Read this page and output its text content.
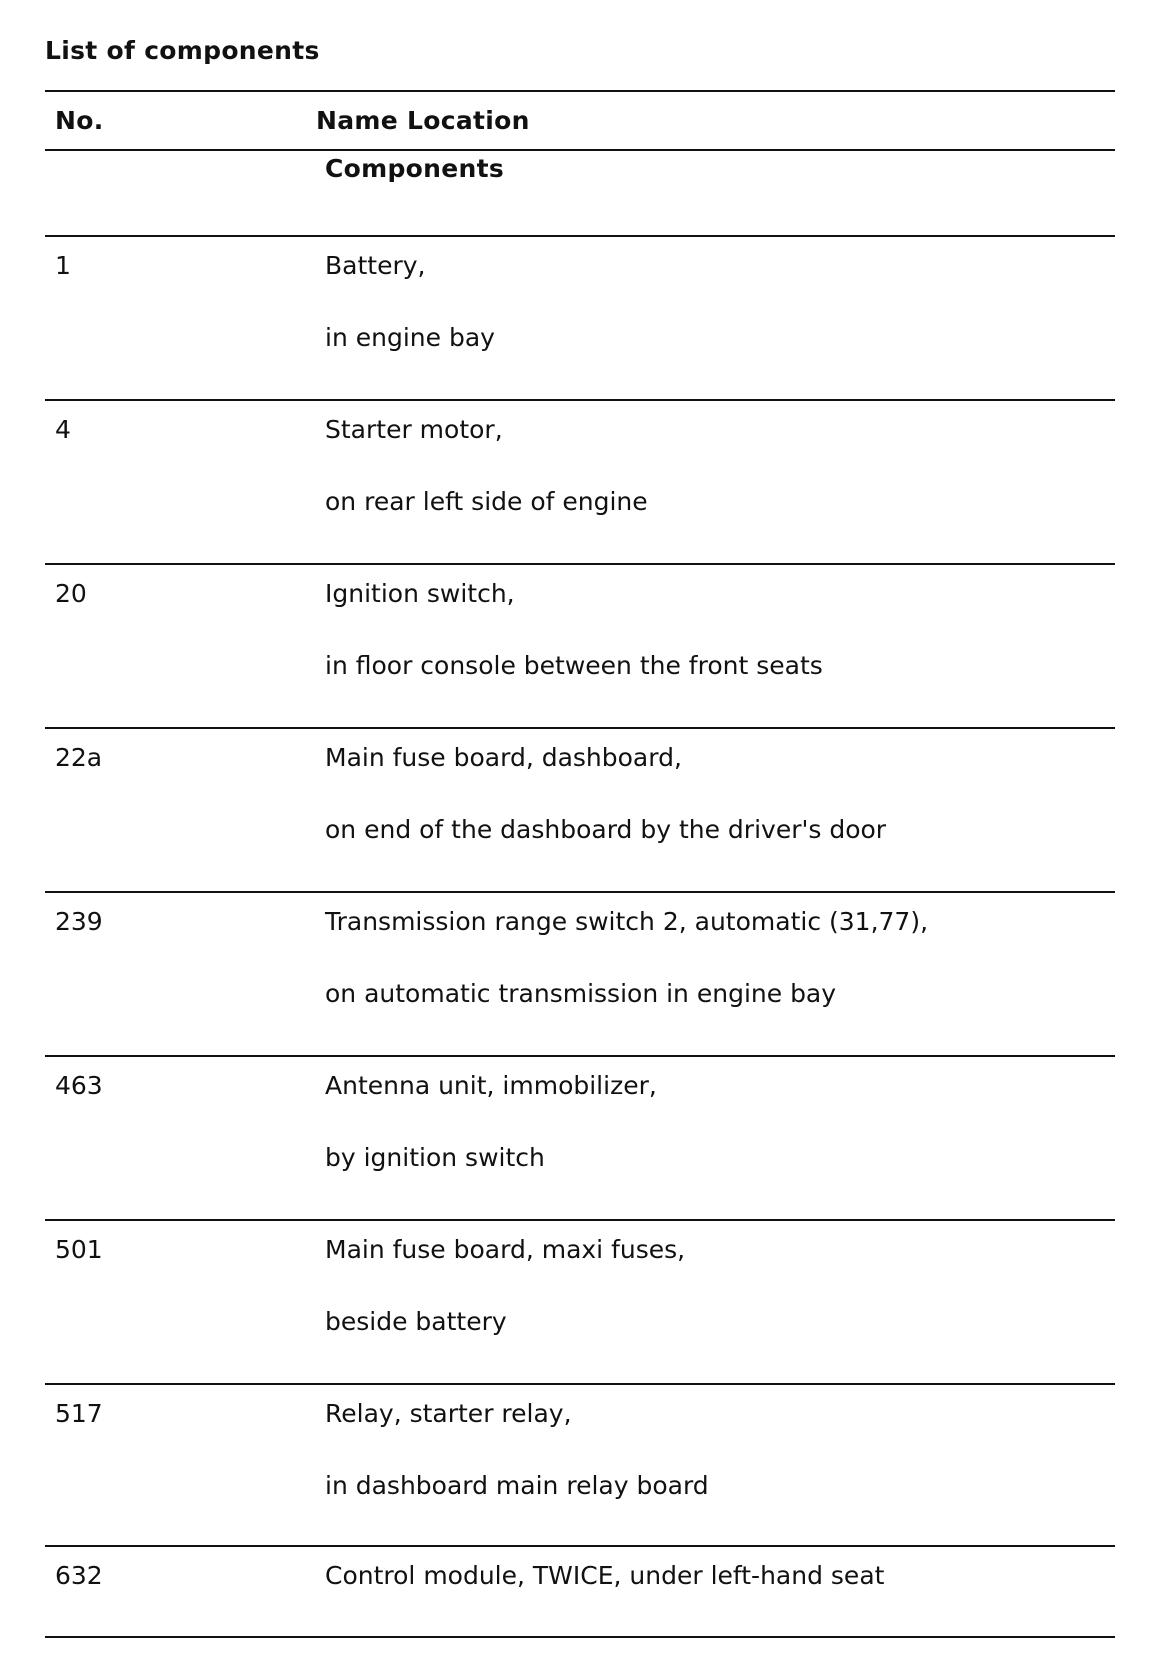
List of components
No.	Name Location
Components
1	Battery,
in engine bay
4	Starter motor,
on rear left side of engine
20	Ignition switch,
in floor console between the front seats
22a	Main fuse board, dashboard,
on end of the dashboard by the driver's door
239	Transmission range switch 2, automatic (31,77),
on automatic transmission in engine bay
463	Antenna unit, immobilizer,
by ignition switch
501	Main fuse board, maxi fuses,
beside battery
517	Relay, starter relay,
in dashboard main relay board
632	Control module, TWICE, under left-hand seat
